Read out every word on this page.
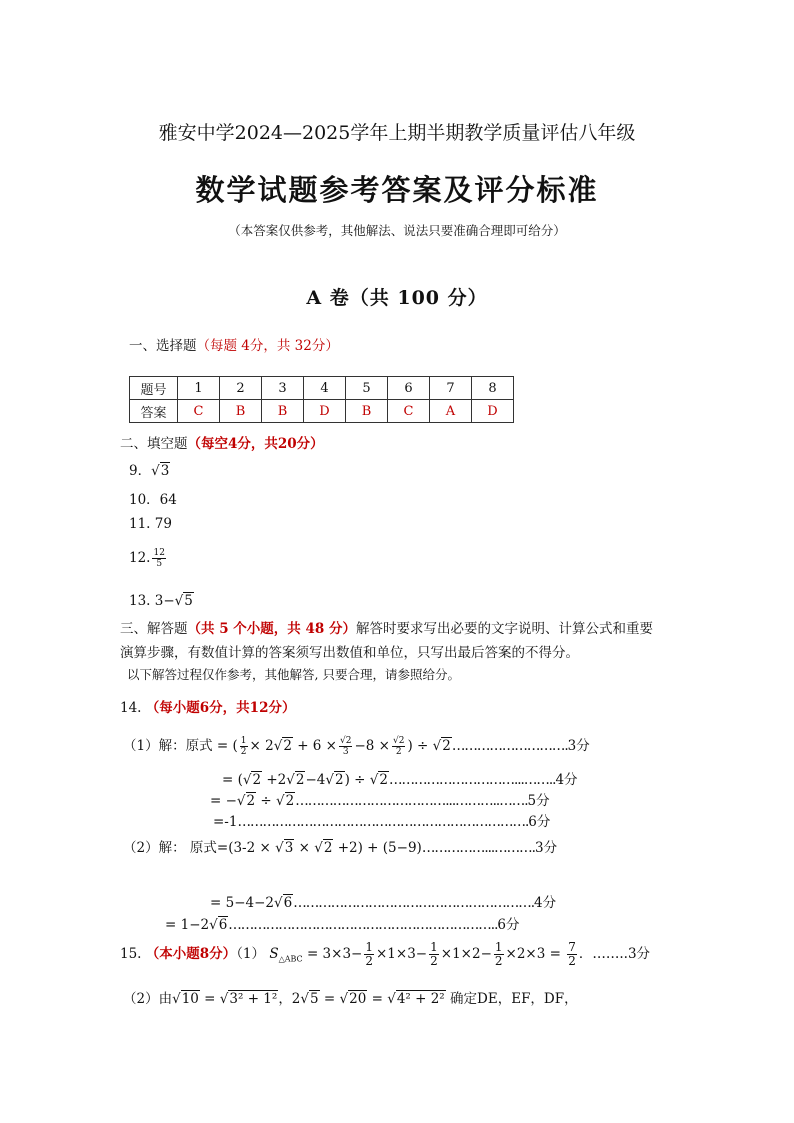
雅安中学2024—2025学年上期半期教学质量评估八年级
数学试题参考答案及评分标准
（本答案仅供参考，其他解法、说法只要准确合理即可给分）
A 卷（共 100 分）
一、选择题（每题 4分，共 32分）
题号	1	2	3	4	5	6	7	8
答案	C	B	B	D	B	C	A	D
二、填空题（每空4分，共20分）
9．√3
10．64
11. 79
12. $\frac{12}{5}$
13. 3−√5
三、解答题（共 5 个小题，共 48 分）解答时要求写出必要的文字说明、计算公式和重要
演算步骤，有数值计算的答案须写出数值和单位，只写出最后答案的不得分。
以下解答过程仅作参考，其他解答, 只要合理，请参照给分。
14. （每小题6分，共12分）
（1）解：原式 = ( $\frac{1}{2} \times 2√2 + 6 \times \frac{√2}{3} -8 \times \frac{√2}{2}$ ) ÷ √2……………………….3分
= (√2 +2√2−4√2) ÷ √2…………………………...……..4分
= −√2 ÷ √2………………………………...………..…….5分
=-1…………………………………………………………….6分
（2）解： 原式=(3-2 × √3 × √2 +2) + (5−9)……………...……….3分
= 5−4−2√6………………………………………………….4分
= 1−2√6………………………………………………………..6分
15. （本小题8分）（1） $S_{\triangle ABC} = 3\times 3- \frac{1}{2} \times 1\times 3- \frac{1}{2} \times 1\times 2- \frac{1}{2} \times 2\times 3 = \frac{7}{2}$ ．……..3分
（2）由√10 = √3² + 1²，2√5 = √20 = √4² + 2² 确定DE，EF，DF，
